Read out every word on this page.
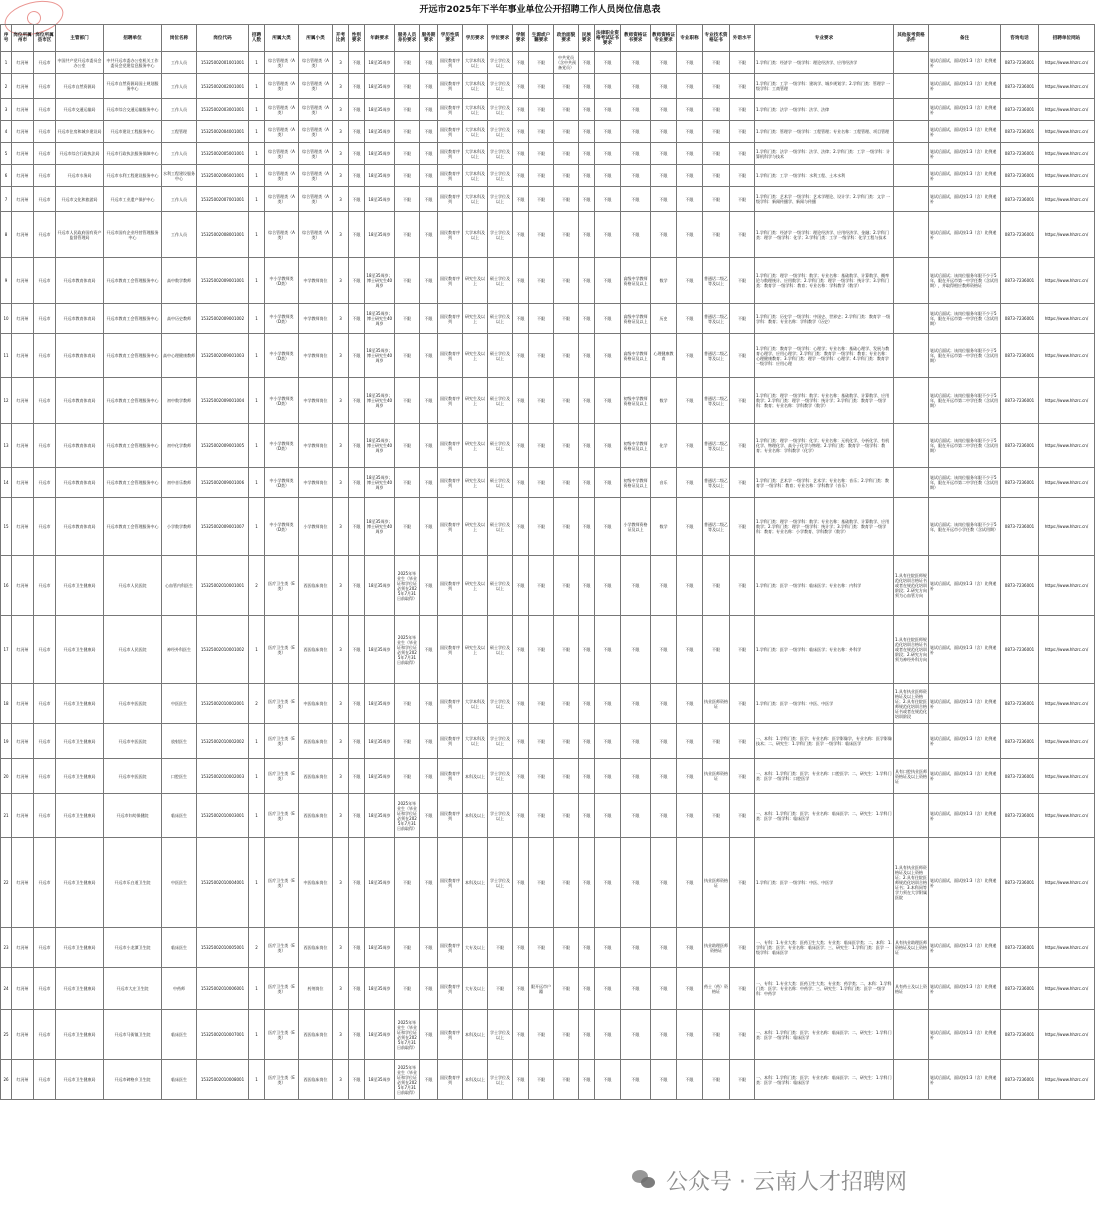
开远市2025年下半年事业单位公开招聘工作人员岗位信息表
序号	岗位所属州市	岗位所属县市区	主管部门	招聘单位	岗位名称	岗位代码	招聘人数	所属大类	所属小类	开考比例	性别要求	年龄要求	服务人员身份要求	服务期要求	学历性质要求	学历要求	学位要求	学制要求	生源或户籍要求	政治面貌要求	民族要求	法律职业资格考试证书要求	教师资格证书要求	教师资格证专业要求	专业职称	专业技术资格证书	外语水平	专业要求	其他报考资格条件	备注	咨询电话	招聘单位网站
1	红河州	开远市	中国共产党开远市委员会办公室	中共开远市委办公室机关工作委员会党建信息服务中心	工作人员	15325002001001001	1	综合管理类（A类）	综合管理类（A类）	3	不限	18至35周岁	不限	不限	国民教育序列	大学本科及以上	学士学位及以上	不限	不限	中共党员（含中共预备党员）	不限	不限	不限	不限	不限	不限	不限	1.学科门类：经济学 一级学科：理论经济学、应用经济学		笔试后面试，面试按1:3（含）比例递补	0873-7236001	https://www.hhzrc.cn/
2	红河州	开远市	开远市自然资源局	开远市自然资源局国土规划服务中心	工作人员	15325002002001001	1	综合管理类（A类）	综合管理类（A类）	3	不限	18至35周岁	不限	不限	国民教育序列	大学本科及以上	学士学位及以上	不限	不限	不限	不限	不限	不限	不限	不限	不限	不限	1.学科门类：工学 一级学科：建筑学、城乡规划学；2.学科门类：管理学 一级学科：工商管理		笔试后面试，面试按1:3（含）比例递补	0873-7236001	https://www.hhzrc.cn/
3	红河州	开远市	开远市交通运输局	开远市综合交通运输服务中心	工作人员	15325002003001001	1	综合管理类（A类）	综合管理类（A类）	3	不限	18至35周岁	不限	不限	国民教育序列	大学本科及以上	学士学位及以上	不限	不限	不限	不限	不限	不限	不限	不限	不限	不限	1.学科门类：法学 一级学科：法学、法律		笔试后面试，面试按1:3（含）比例递补	0873-7236001	https://www.hhzrc.cn/
4	红河州	开远市	开远市住房和城乡建设局	开远市建设工程服务中心	工程管理	15325002004001001	1	综合管理类（A类）	综合管理类（A类）	3	不限	18至35周岁	不限	不限	国民教育序列	大学本科及以上	学士学位及以上	不限	不限	不限	不限	不限	不限	不限	不限	不限	不限	1.学科门类：管理学 一级学科：工程管理；专业名称：工程管理、项目管理		笔试后面试，面试按1:3（含）比例递补	0873-7236001	https://www.hhzrc.cn/
5	红河州	开远市	开远市综合行政执法局	开远市行政执法服务保障中心	工作人员	15325002005001001	1	综合管理类（A类）	综合管理类（A类）	3	不限	18至35周岁	不限	不限	国民教育序列	大学本科及以上	学士学位及以上	不限	不限	不限	不限	不限	不限	不限	不限	不限	不限	1.学科门类：法学 一级学科：法学、法律；2.学科门类：工学 一级学科：计算机科学与技术		笔试后面试，面试按1:3（含）比例递补	0873-7236001	https://www.hhzrc.cn/
6	红河州	开远市	开远市水务局	开远市水利工程建设服务中心	水利工程建设服务中心	15325002006001001	1	综合管理类（A类）	综合管理类（A类）	3	不限	18至35周岁	不限	不限	国民教育序列	大学本科及以上	学士学位及以上	不限	不限	不限	不限	不限	不限	不限	不限	不限	不限	1.学科门类：工学 一级学科：水利工程、土木水利		笔试后面试，面试按1:3（含）比例递补	0873-7236001	https://www.hhzrc.cn/
7	红河州	开远市	开远市文化和旅游局	开远市工业遗产保护中心	工作人员	15325002007001001	1	综合管理类（A类）	综合管理类（A类）	3	不限	18至35周岁	不限	不限	国民教育序列	大学本科及以上	学士学位及以上	不限	不限	不限	不限	不限	不限	不限	不限	不限	不限	1.学科门类：艺术学 一级学科：艺术学理论、设计学；2.学科门类：文学 一级学科：新闻传播学、新闻与传播		笔试后面试，面试按1:3（含）比例递补	0873-7236001	https://www.hhzrc.cn/
8	红河州	开远市	开远市人民政府国有资产监督管理局	开远市国有企业经营管理服务中心	工作人员	15325002008001001	1	综合管理类（A类）	综合管理类（A类）	3	不限	18至35周岁	不限	不限	国民教育序列	大学本科及以上	学士学位及以上	不限	不限	不限	不限	不限	不限	不限	不限	不限	不限	1.学科门类：经济学 一级学科：理论经济学、应用经济学、金融；2.学科门类：理学 一级学科：化学；3.学科门类：工学 一级学科：化学工程与技术		笔试后面试，面试按1:3（含）比例递补	0873-7236001	https://www.hhzrc.cn/
9	红河州	开远市	开远市教育体育局	开远市教育工会管理服务中心	高中数学教师	15325002009001001	1	中小学教师类（D类）	中学教师岗位	3	不限	18至35周岁；博士研究生40周岁	不限	不限	国民教育序列	研究生及以上	硕士学位及以上	不限	不限	不限	不限	不限	高级中学教师资格证及以上	数学	不限	普通话二级乙等及以上	不限	1.学科门类：理学 一级学科：数学；专业名称：基础数学、计算数学、概率论与数理统计、应用数学；2.学科门类：理学 一级学科：统计学；3.学科门类：教育学 一级学科：教育；专业名称：学科教学（数学）		笔试后面试；该岗位服务年限不少于5年，限在开远市第一中学任教（含试用期），并取得相应教师资格证	0873-7236001	https://www.hhzrc.cn/
10	红河州	开远市	开远市教育体育局	开远市教育工会管理服务中心	高中历史教师	15325002009001002	1	中小学教师类（D类）	中学教师岗位	3	不限	18至35周岁；博士研究生40周岁	不限	不限	国民教育序列	研究生及以上	硕士学位及以上	不限	不限	不限	不限	不限	高级中学教师资格证及以上	历史	不限	普通话二级乙等及以上	不限	1.学科门类：历史学 一级学科：中国史、世界史；2.学科门类：教育学 一级学科：教育；专业名称：学科教学（历史）		笔试后面试；该岗位服务年限不少于5年，限在开远市第一中学任教（含试用期）	0873-7236001	https://www.hhzrc.cn/
11	红河州	开远市	开远市教育体育局	开远市教育工会管理服务中心	高中心理健康教师	15325002009001003	1	中小学教师类（D类）	中学教师岗位	3	不限	18至35周岁；博士研究生40周岁	不限	不限	国民教育序列	研究生及以上	硕士学位及以上	不限	不限	不限	不限	不限	高级中学教师资格证及以上	心理健康教育	不限	普通话二级乙等及以上	不限	1.学科门类：教育学 一级学科：心理学；专业名称：基础心理学、发展与教育心理学、应用心理学；2.学科门类：教育学 一级学科：教育；专业名称：心理健康教育；3.学科门类：理学 一级学科：心理学；4.学科门类：教育学 一级学科：应用心理		笔试后面试；该岗位服务年限不少于5年，限在开远市第一中学任教（含试用期）	0873-7236001	https://www.hhzrc.cn/
12	红河州	开远市	开远市教育体育局	开远市教育工会管理服务中心	初中数学教师	15325002009001004	1	中小学教师类（D类）	中学教师岗位	3	不限	18至35周岁；博士研究生40周岁	不限	不限	国民教育序列	研究生及以上	硕士学位及以上	不限	不限	不限	不限	不限	初级中学教师资格证及以上	数学	不限	普通话二级乙等及以上	不限	1.学科门类：理学 一级学科：数学；专业名称：基础数学、计算数学、应用数学；2.学科门类：理学 一级学科：统计学；3.学科门类：教育学 一级学科：教育；专业名称：学科教学（数学）		笔试后面试；该岗位服务年限不少于5年，限在开远市第二中学任教（含试用期）	0873-7236001	https://www.hhzrc.cn/
13	红河州	开远市	开远市教育体育局	开远市教育工会管理服务中心	初中化学教师	15325002009001005	1	中小学教师类（D类）	中学教师岗位	3	不限	18至35周岁；博士研究生40周岁	不限	不限	国民教育序列	研究生及以上	硕士学位及以上	不限	不限	不限	不限	不限	初级中学教师资格证及以上	化学	不限	普通话二级乙等及以上	不限	1.学科门类：理学 一级学科：化学；专业名称：无机化学、分析化学、有机化学、物理化学、高分子化学与物理；2.学科门类：教育学 一级学科：教育；专业名称：学科教学（化学）		笔试后面试；该岗位服务年限不少于5年，限在开远市第二中学任教（含试用期）	0873-7236001	https://www.hhzrc.cn/
14	红河州	开远市	开远市教育体育局	开远市教育工会管理服务中心	初中音乐教师	15325002009001006	1	中小学教师类（D类）	中学教师岗位	3	不限	18至35周岁；博士研究生40周岁	不限	不限	国民教育序列	研究生及以上	硕士学位及以上	不限	不限	不限	不限	不限	初级中学教师资格证及以上	音乐	不限	普通话二级乙等及以上	不限	1.学科门类：艺术学 一级学科：艺术学；专业名称：音乐；2.学科门类：教育学 一级学科：教育；专业名称：学科教学（音乐）		笔试后面试；该岗位服务年限不少于5年，限在开远市第二中学任教（含试用期）	0873-7236001	https://www.hhzrc.cn/
15	红河州	开远市	开远市教育体育局	开远市教育工会管理服务中心	小学数学教师	15325002009001007	1	中小学教师类（D类）	小学教师岗位	3	不限	18至35周岁；博士研究生40周岁	不限	不限	国民教育序列	研究生及以上	硕士学位及以上	不限	不限	不限	不限	不限	小学教师资格证及以上	数学	不限	普通话二级乙等及以上	不限	1.学科门类：理学 一级学科：数学；专业名称：基础数学、计算数学、应用数学；2.学科门类：理学 一级学科：统计学；3.学科门类：教育学 一级学科：教育；专业名称：小学教育、学科教学（数学）		笔试后面试；该岗位服务年限不少于5年，限在开远市小学任教（含试用期）	0873-7236001	https://www.hhzrc.cn/
16	红河州	开远市	开远市卫生健康局	开远市人民医院	心血管内科医生	15325002010001001	2	医疗卫生类（E类）	西医临床岗位	3	不限	18至35周岁	2025年毕业生（毕业证和学位证必须在2025年7月31日前取得）	不限	国民教育序列	研究生及以上	硕士学位及以上	不限	不限	不限	不限	不限	不限	不限	不限	不限	不限	1.学科门类：医学 一级学科：临床医学；专业名称：内科学	1.具有住院医师规范化培训合格证书或者在规范化培训阶段；2.研究方向须为心血管方向	笔试后面试，面试按1:3（含）比例递补	0873-7236001	https://www.hhzrc.cn/
17	红河州	开远市	开远市卫生健康局	开远市人民医院	神经外科医生	15325002010001002	1	医疗卫生类（E类）	西医临床岗位	3	不限	18至35周岁	2025年毕业生（毕业证和学位证必须在2025年7月31日前取得）	不限	国民教育序列	研究生及以上	硕士学位及以上	不限	不限	不限	不限	不限	不限	不限	不限	不限	不限	1.学科门类：医学 一级学科：临床医学；专业名称：外科学	1.具有住院医师规范化培训合格证书或者在规范化培训阶段；2.研究方向须为神经外科方向	笔试后面试，面试按1:3（含）比例递补	0873-7236001	https://www.hhzrc.cn/
18	红河州	开远市	开远市卫生健康局	开远市中医医院	中医医生	15325002010002001	2	医疗卫生类（E类）	中医临床岗位	3	不限	18至35周岁	不限	不限	国民教育序列	大学本科及以上	学士学位及以上	不限	不限	不限	不限	不限	不限	不限	不限	执业医师资格证	不限	1.学科门类：医学 一级学科：中医、中医学	1.具有执业医师资格证及以上资格证；2.具有住院医师规范化培训合格证书或者在规范化培训阶段	笔试后面试，面试按1:3（含）比例递补	0873-7236001	https://www.hhzrc.cn/
19	红河州	开远市	开远市卫生健康局	开远市中医医院	放射医生	15325002010002002	1	医疗卫生类（E类）	西医临床岗位	3	不限	18至35周岁	不限	不限	国民教育序列	大学本科及以上	学士学位及以上	不限	不限	不限	不限	不限	不限	不限	不限	不限	不限	一、本科：1.学科门类：医学；专业名称：医学影像学、专业名称：医学影像技术；二、研究生：1.学科门类：医学 一级学科：临床医学		笔试后面试，面试按1:3（含）比例递补	0873-7236001	https://www.hhzrc.cn/
20	红河州	开远市	开远市卫生健康局	开远市中医医院	口腔医生	15325002010002003	1	医疗卫生类（E类）	西医临床岗位	3	不限	18至35周岁	不限	不限	国民教育序列	本科及以上	学士学位及以上	不限	不限	不限	不限	不限	不限	不限	不限	执业医师资格证	不限	一、本科：1.学科门类：医学；专业名称：口腔医学；二、研究生：1.学科门类：医学 一级学科：口腔医学	具有口腔执业医师资格证及以上资格证	笔试后面试，面试按1:3（含）比例递补	0873-7236001	https://www.hhzrc.cn/
21	红河州	开远市	开远市卫生健康局	开远市妇幼保健院	临床医生	15325002010003001	1	医疗卫生类（E类）	西医临床岗位	3	不限	18至35周岁	2025年毕业生（毕业证和学位证必须在2025年7月31日前取得）	不限	国民教育序列	本科及以上	学士学位及以上	不限	不限	不限	不限	不限	不限	不限	不限	不限	不限	一、本科：1.学科门类：医学；专业名称：临床医学；二、研究生：1.学科门类：医学 一级学科：临床医学		笔试后面试，面试按1:3（含）比例递补	0873-7236001	https://www.hhzrc.cn/
22	红河州	开远市	开远市卫生健康局	开远市乐白道卫生院	中医医生	15325002010004001	1	医疗卫生类（E类）	中医临床岗位	3	不限	18至35周岁	不限	不限	国民教育序列	本科及以上	学士学位及以上	不限	不限	不限	不限	不限	不限	不限	不限	执业医师资格证	不限	1.学科门类：医学 一级学科：中医、中医学	1.具有执业医师资格证及以上资格证；2.具有住院医师规范化培训合格证书；3.本科同等学力须在大学附属医院	笔试后面试，面试按1:3（含）比例递补	0873-7236001	https://www.hhzrc.cn/
23	红河州	开远市	开远市卫生健康局	开远市小龙潭卫生院	临床医生	15325002010005001	2	医疗卫生类（E类）	西医临床岗位	3	不限	18至35周岁	不限	不限	国民教育序列	大专及以上	不限	不限	不限	不限	不限	不限	不限	不限	不限	执业助理医师资格证	不限	一、专科：1.专业大类：医药卫生大类；专业类：临床医学类；二、本科：1.学科门类：医学；专业名称：临床医学；三、研究生：1.学科门类：医学 一级学科：临床医学	具有执业助理医师资格证及以上资格证	笔试后面试，面试按1:3（含）比例递补	0873-7236001	https://www.hhzrc.cn/
24	红河州	开远市	开远市卫生健康局	开远市大庄卫生院	中药师	15325002010006001	1	医疗卫生类（E类）	药剂岗位	3	不限	18至35周岁	不限	不限	国民教育序列	大专及以上	不限	不限	限开远市户籍	不限	不限	不限	不限	不限	不限	药士（药）资格证	不限	一、专科：1.专业大类：医药卫生大类；专业类：药学类；二、本科：1.学科门类：医学；专业名称：中药学；三、研究生：1.学科门类：医学 一级学科：中药学	具有药士及以上资格证	笔试后面试，面试按1:3（含）比例递补	0873-7236001	https://www.hhzrc.cn/
25	红河州	开远市	开远市卫生健康局	开远市马街镇卫生院	临床医生	15325002010007001	1	医疗卫生类（E类）	西医临床岗位	3	不限	18至35周岁	2025年毕业生（毕业证和学位证必须在2025年7月31日前取得）	不限	国民教育序列	本科及以上	学士学位及以上	不限	不限	不限	不限	不限	不限	不限	不限	不限	不限	一、本科：1.学科门类：医学；专业名称：临床医学；二、研究生：1.学科门类：医学 一级学科：临床医学		笔试后面试，面试按1:3（含）比例递补	0873-7236001	https://www.hhzrc.cn/
26	红河州	开远市	开远市卫生健康局	开远市碑格乡卫生院	临床医生	15325002010008001	1	医疗卫生类（E类）	西医临床岗位	3	不限	18至35周岁	2025年毕业生（毕业证和学位证必须在2025年7月31日前取得）	不限	国民教育序列	本科及以上	学士学位及以上	不限	不限	不限	不限	不限	不限	不限	不限	不限	不限	一、本科：1.学科门类：医学；专业名称：临床医学；二、研究生：1.学科门类：医学 一级学科：临床医学		笔试后面试，面试按1:3（含）比例递补	0873-7236001	https://www.hhzrc.cn/
公众号 · 云南人才招聘网
